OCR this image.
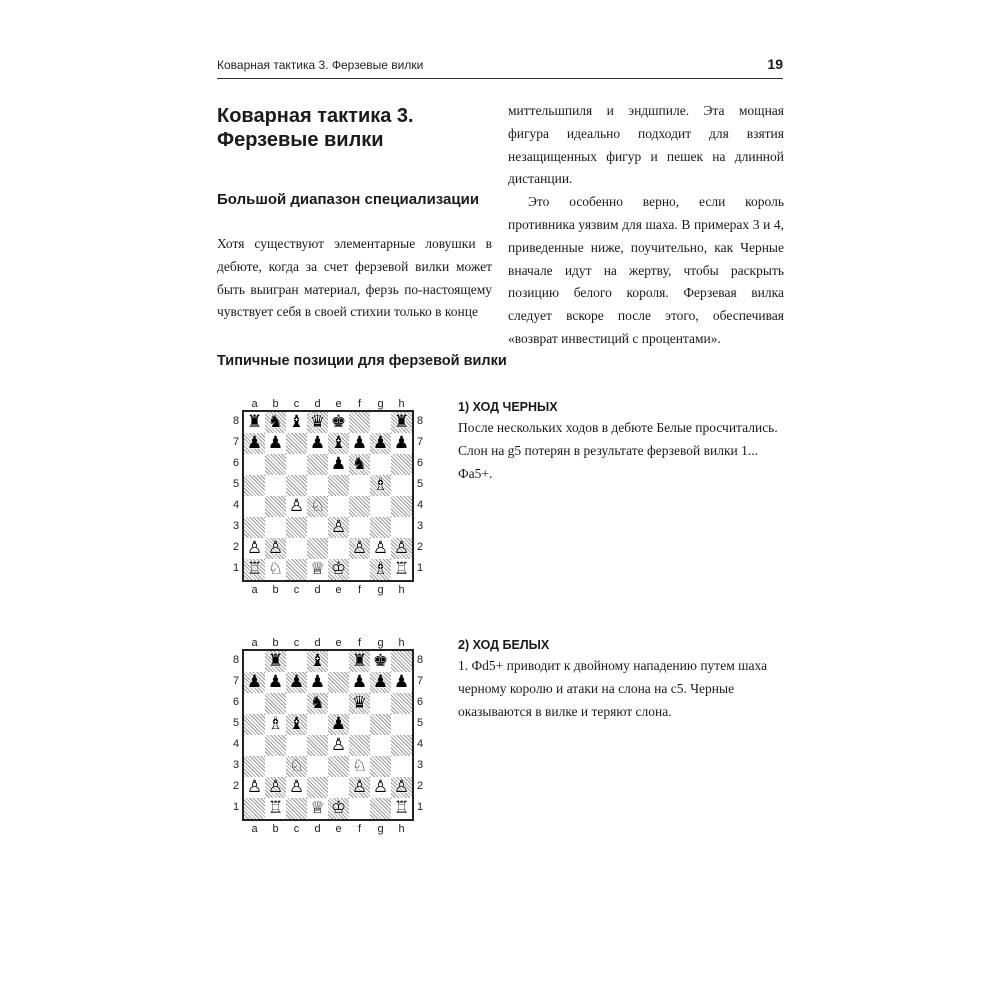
Коварная тактика 3. Ферзевые вилки	19
Коварная тактика 3. Ферзевые вилки
Большой диапазон специализации

Хотя существуют элементарные ловушки в дебюте, когда за счет ферзевой вилки может быть выигран материал, ферзь по-настоящему чувствует себя в своей стихии только в конце

миттельшпиля и эндшпиле. Эта мощная фигура идеально подходит для взятия незащищенных фигур и пешек на длинной дистанции.

Это особенно верно, если король противника уязвим для шаха. В примерах 3 и 4, приведенные ниже, поучительно, как Черные вначале идут на жертву, чтобы раскрыть позицию белого короля. Ферзевая вилка следует вскоре после этого, обеспечивая «возврат инвестиций с процентами».

Типичные позиции для ферзевой вилки
a	b	c	d	e	f	g	h
8
7
6
5
4
3
2
1
♜ ♞ ♝ ♛ ♚	♜
♟ ♟ ♟ ♝ ♟ ♟ ♟
♟ ♞
♗
♙ ♘
♙
♙ ♙	♙ ♙ ♙
♖ ♘ ♕ ♔ ♗ ♖
8
7
6
5
4
3
2
1
a	b	c	d	e	f	g	h

1) ХОД ЧЕРНЫХ

После нескольких ходов в дебюте Белые просчитались. Слон на g5 потерян в результате ферзевой вилки 1... Фa5+.

a	b	c	d	e	f	g	h
8
7
6
5
4
3
2
1
♜ ♝ ♜ ♚
♟ ♟ ♟ ♟ ♟ ♟ ♟
♞ ♛
♗ ♝ ♟
♙
♘	♘
♙ ♙ ♙	♙ ♙ ♙
♖ ♕ ♔	♖
8
7
6
5
4
3
2
1
a	b	c	d	e	f	g	h

2) ХОД БЕЛЫХ

1. Фd5+ приводит к двойному нападению путем шаха черному королю и атаки на слона на c5. Черные оказываются в вилке и теряют слона.
